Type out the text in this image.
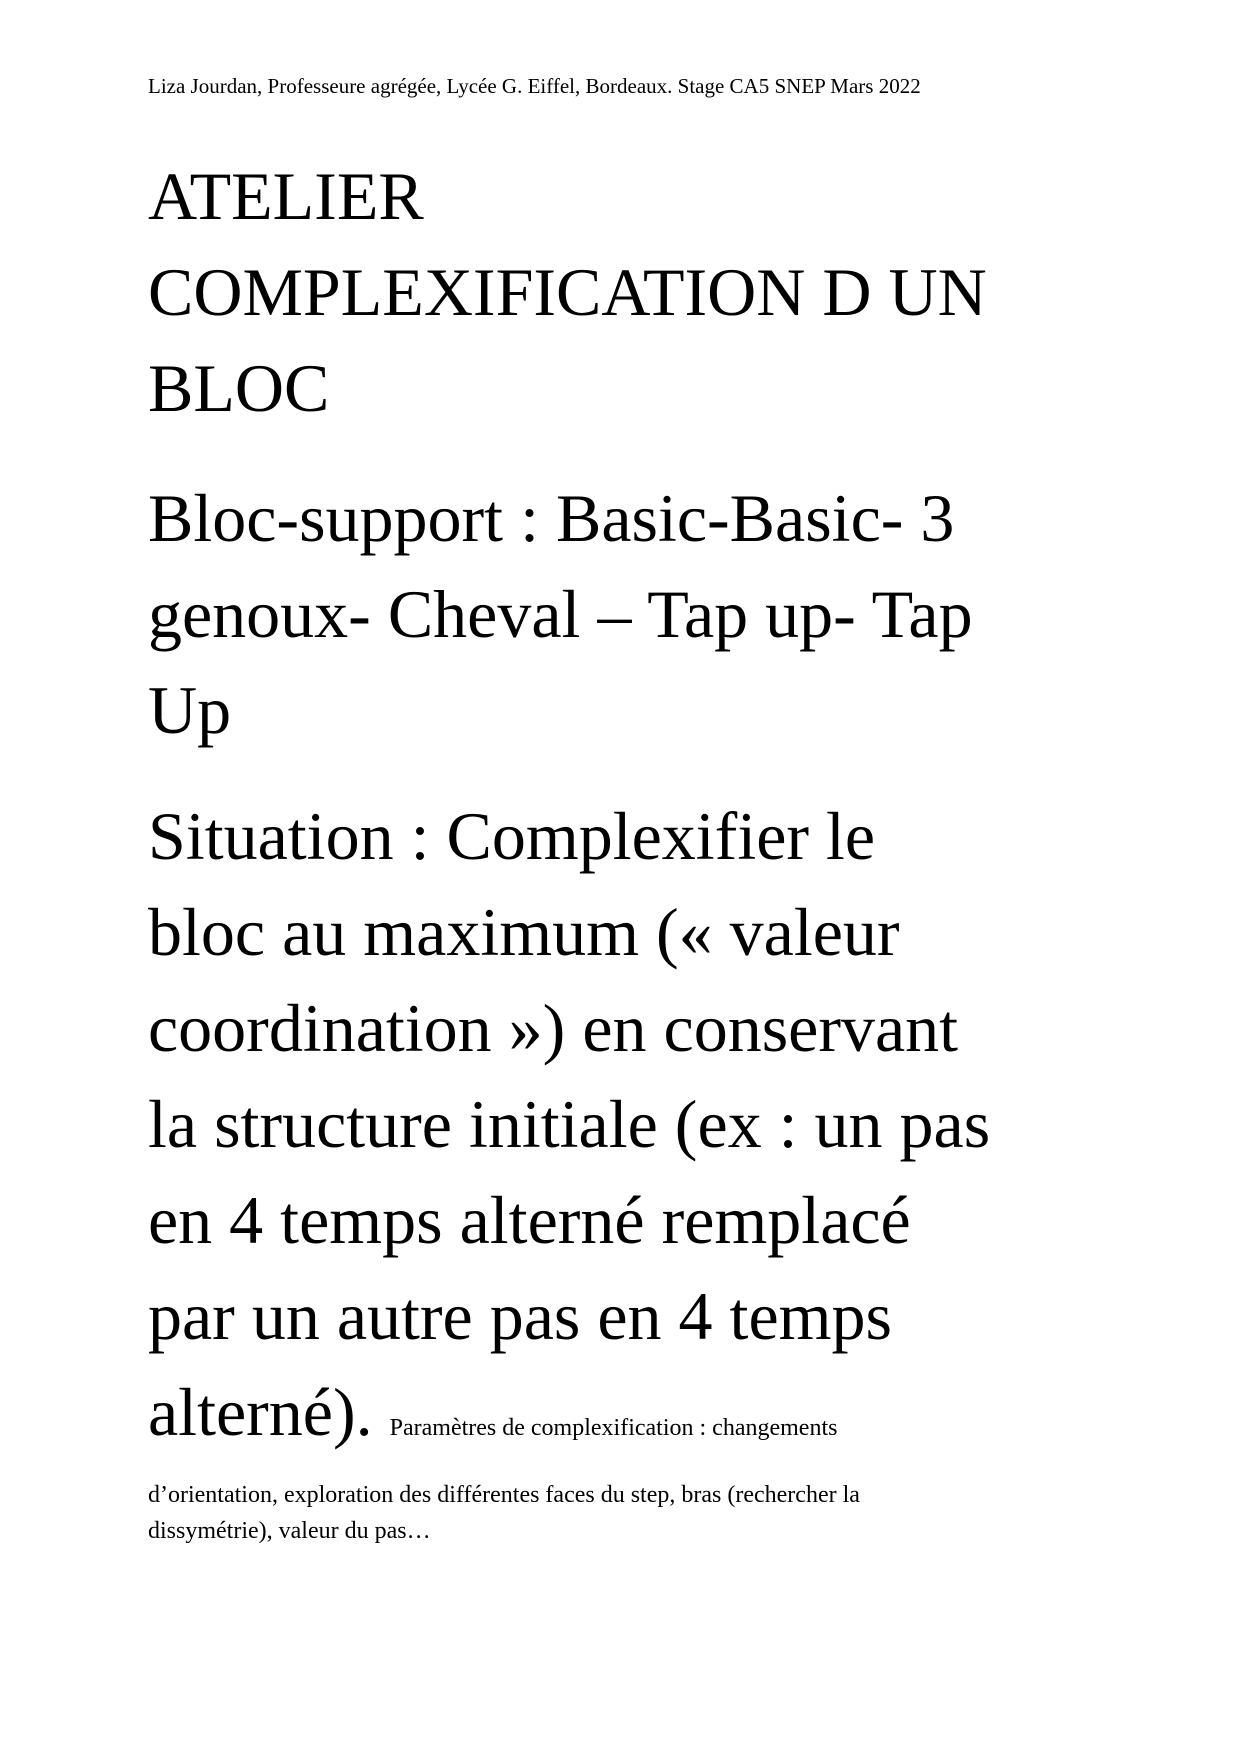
Liza Jourdan, Professeure agrégée, Lycée G. Eiffel, Bordeaux. Stage CA5 SNEP Mars 2022
ATELIER
COMPLEXIFICATION D UN
BLOC
Bloc-support : Basic-Basic- 3
genoux- Cheval – Tap up- Tap
Up
Situation : Complexifier le
bloc au maximum (« valeur
coordination ») en conservant
la structure initiale (ex : un pas
en 4 temps alterné remplacé
par un autre pas en 4 temps
alterné). Paramètres de complexification : changements
d’orientation, exploration des différentes faces du step, bras (rechercher la
dissymétrie), valeur du pas…
